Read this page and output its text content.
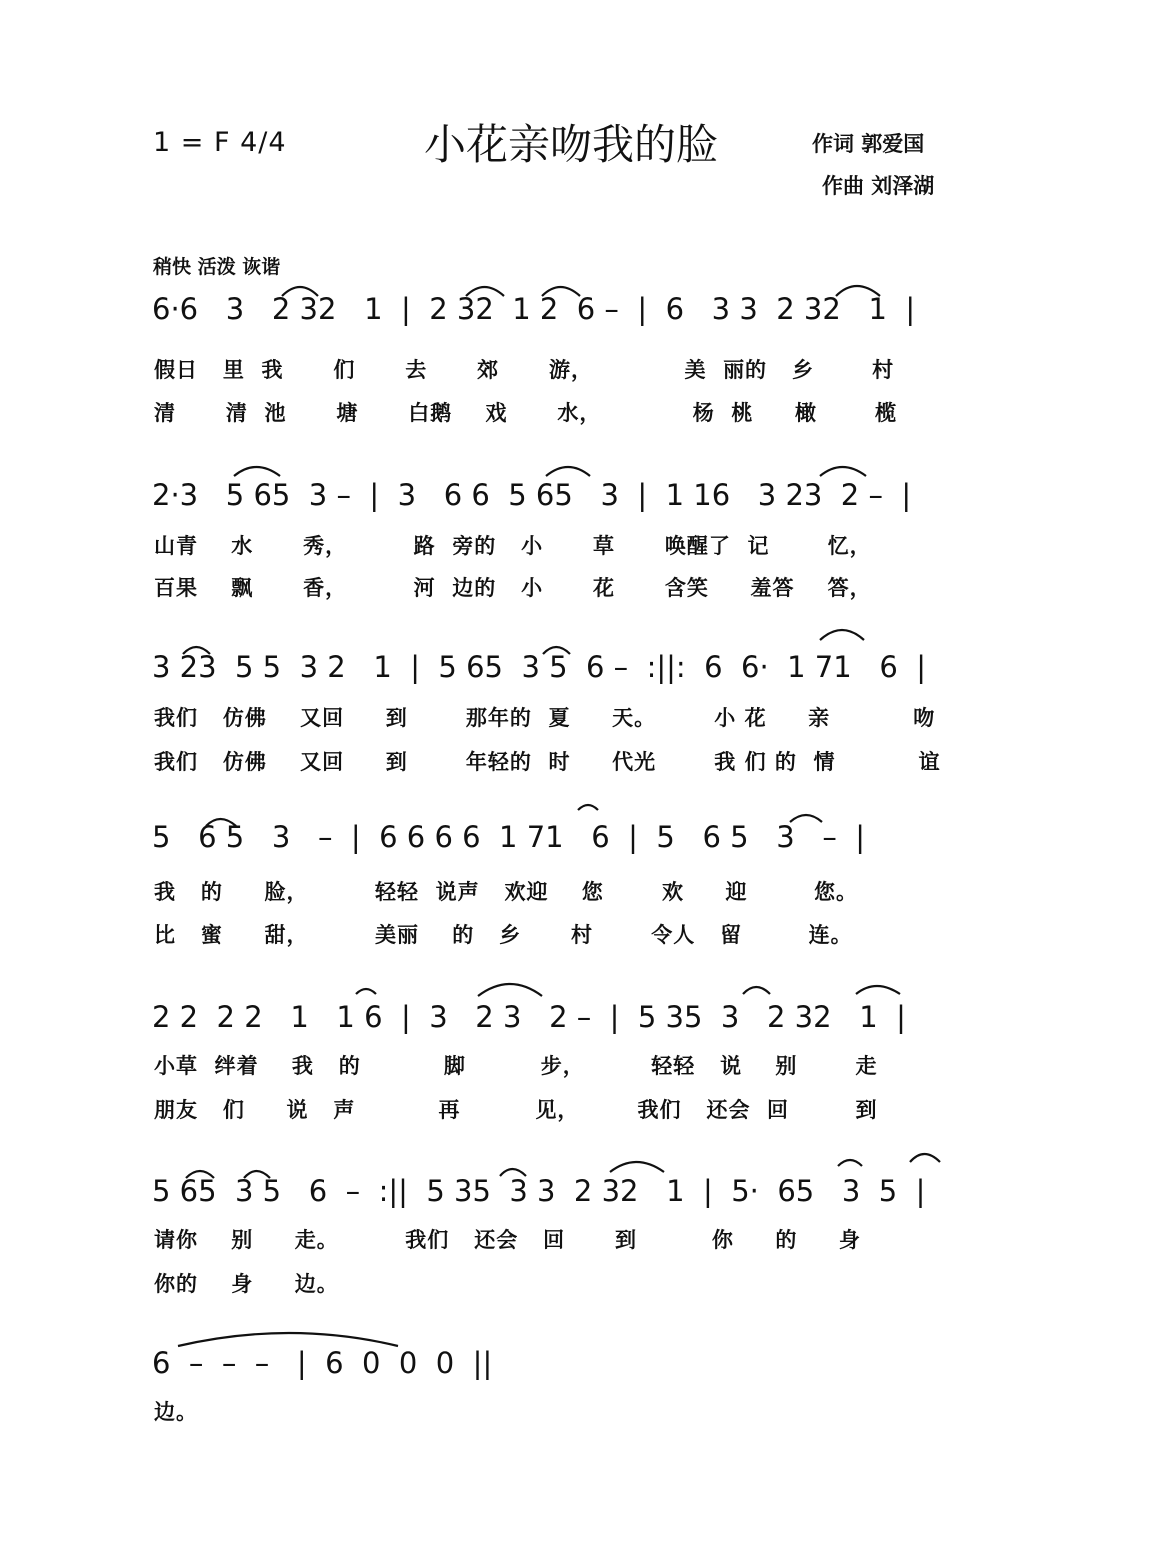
1 = F 4/4	小花亲吻我的脸	作词 郭爱国
作曲 刘泽湖
稍快 活泼 诙谐
6·6   3   2 32   1  |  2 32  1 2  6 –  |  6   3 3  2 32   1  |
假日   里  我      们      去      郊      游，           美  丽的   乡       村
清      清  池      塘      白鹅    戏      水，           杨  桃     橄       榄
2·3   5 65  3 –  |  3   6 6  5 65   3  |  1 16   3 23  2 –  |
山青    水      秀，        路  旁的   小      草      唤醒了  记       忆，
百果    飘      香，        河  边的   小      花      含笑     羞答    答，
3 23  5 5  3 2   1  |  5 65  3 5  6 –  :||:  6  6·  1 71   6  |
我们   仿佛    又回     到       那年的  夏     天。       小 花     亲          吻
我们   仿佛    又回     到       年轻的  时     代光       我 们 的  情          谊
5   6 5   3   –  |  6 6 6 6  1 71   6  |  5   6 5   3   –  |
我   的     脸，        轻轻  说声   欢迎    您       欢     迎        您。
比   蜜     甜，        美丽    的   乡      村       令人   留        连。
2 2  2 2   1   1 6  |  3   2 3   2 –  |  5 35  3   2 32   1  |
小草  绊着    我   的          脚         步，        轻轻   说    别       走
朋友   们     说   声          再         见，       我们   还会  回        到
5 65  3 5   6  –  :||  5 35  3 3  2 32   1  |  5·  65   3  5  |
请你    别     走。        我们   还会   回      到         你     的     身
你的    身     边。
6  –  –  –   |  6  0  0  0  ||
边。
